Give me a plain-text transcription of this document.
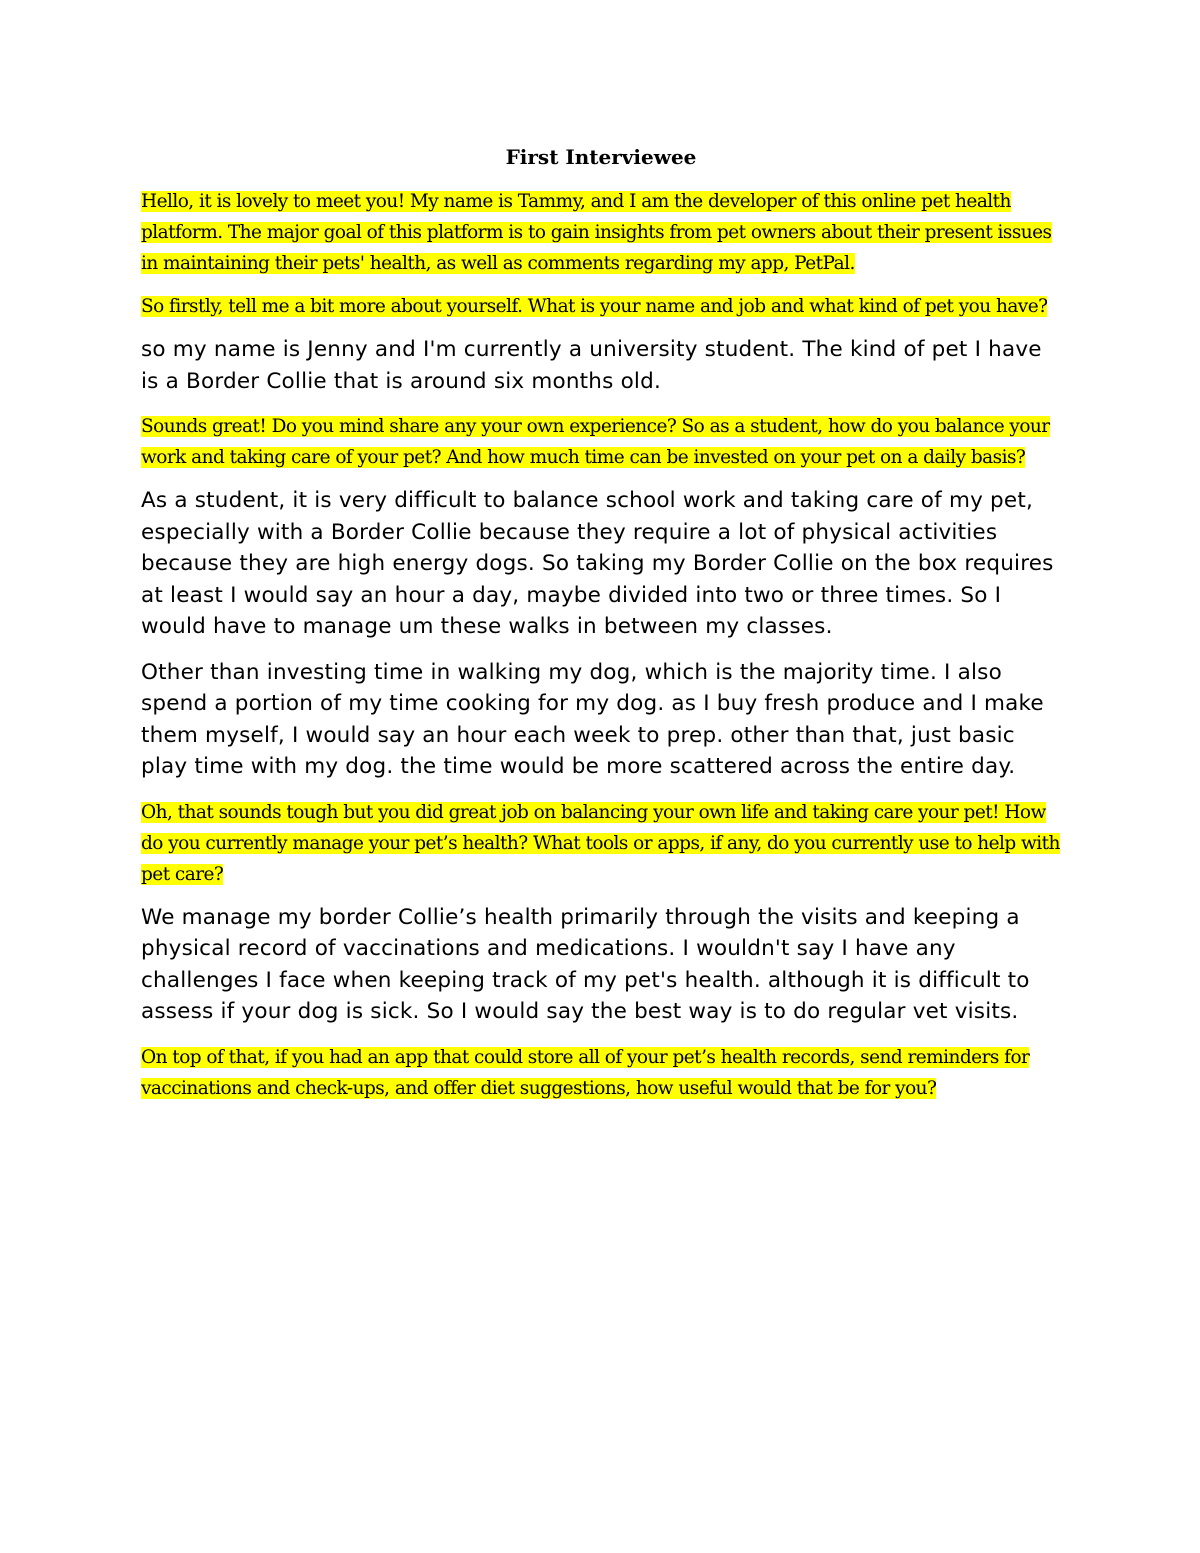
First Interviewee

Hello, it is lovely to meet you! My name is Tammy, and I am the developer of this online pet health platform. The major goal of this platform is to gain insights from pet owners about their present issues in maintaining their pets' health, as well as comments regarding my app, PetPal.

So firstly, tell me a bit more about yourself. What is your name and job and what kind of pet you have?

so my name is Jenny and I'm currently a university student. The kind of pet I have is a Border Collie that is around six months old.

Sounds great! Do you mind share any your own experience? So as a student, how do you balance your work and taking care of your pet? And how much time can be invested on your pet on a daily basis?

As a student, it is very difficult to balance school work and taking care of my pet, especially with a Border Collie because they require a lot of physical activities because they are high energy dogs. So taking my Border Collie on the box requires at least I would say an hour a day, maybe divided into two or three times. So I would have to manage um these walks in between my classes.

Other than investing time in walking my dog, which is the majority time. I also spend a portion of my time cooking for my dog. as I buy fresh produce and I make them myself, I would say an hour each week to prep. other than that, just basic play time with my dog. the time would be more scattered across the entire day.

Oh, that sounds tough but you did great job on balancing your own life and taking care your pet! How do you currently manage your pet’s health? What tools or apps, if any, do you currently use to help with pet care?

We manage my border Collie’s health primarily through the visits and keeping a physical record of vaccinations and medications. I wouldn't say I have any challenges I face when keeping track of my pet's health. although it is difficult to assess if your dog is sick. So I would say the best way is to do regular vet visits.

On top of that, if you had an app that could store all of your pet’s health records, send reminders for vaccinations and check-ups, and offer diet suggestions, how useful would that be for you?
